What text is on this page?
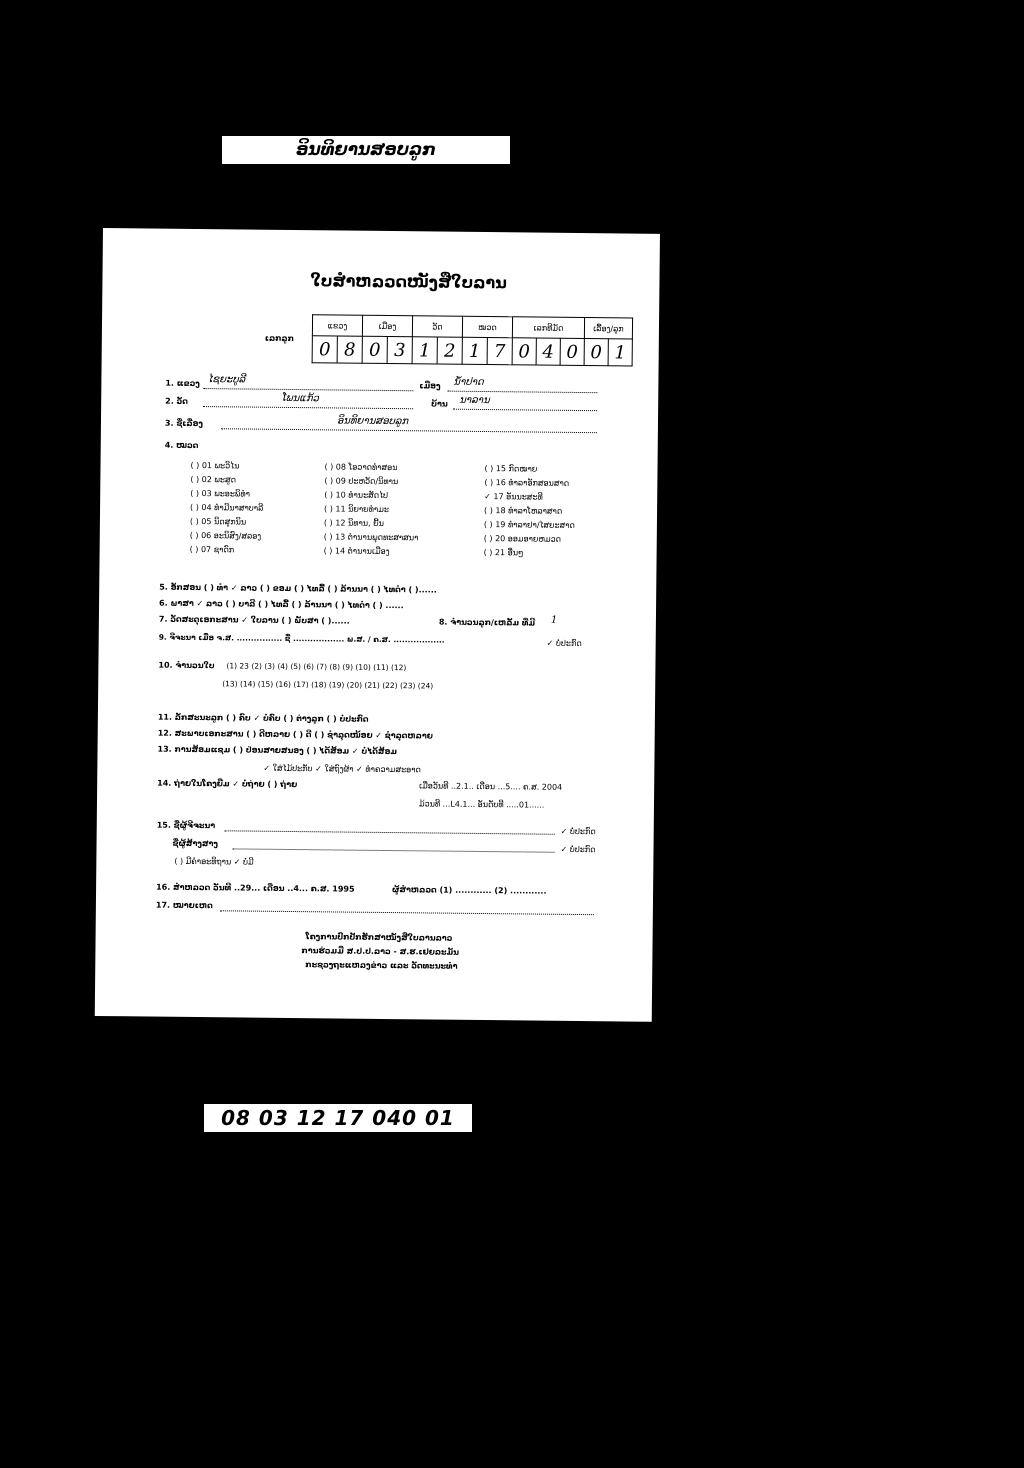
ອິນທິຍານສອບລູກ
ໃບສຳຫລວດໜັງສືໃບລານ
ເລກລູກ
ແຂວງ		ເມືອງ		ວັດ		ໝວດ		ເລກທີມັດ			ເລື້ອງ/ລູກ	
0	8	0	3	1	2	1	7	0	4	0	0	1
1. ແຂວງ ໄຊຍະບູລີ
ເມືອງ ນ້ຳປາດ
2. ວັດ	ໂພນແກ້ວ	ບ້ານ ນາລານ
3. ຊື່ເລື່ອງ	ອິນທິຍານສອບລູກ
4. ໝວດ
( ) 01 ພະວິໄນ
( ) 02 ພະສູດ
( ) 03 ພະອະພິທຳ
( ) 04 ທຳມີນາສາບາລີ
( ) 05 ນິດສູກນິນ
( ) 06 ອະນິສົງ/ສລອງ
( ) 07 ຊາດົກ
( ) 08 ໂອວາດທຳສອນ
( ) 09 ປະຫວັດ/ນິທານ
( ) 10 ທຳນະສັດໄປ
( ) 11 ນິຍາຍທຳມະ
( ) 12 ນິທານ, ຍີ້ນ
( ) 13 ຕຳນານພຸດທະສາສນາ
( ) 14 ຕຳນານເມືອງ
( ) 15 ກົດໝາຍ
( ) 16 ທຳລາອັກສອນສາດ
✓ 17 ອັນນະສະທີ
( ) 18 ທຳລາໂຫລາສາດ
( ) 19 ທຳລາຢາ/ໄສຍະສາດ
( ) 20 ອອມອາຍຫມວດ
( ) 21 ອື່ນໆ
5. ອັກສອນ ( ) ທຳ ✓ ລາວ ( ) ຂອມ ( ) ໄທລື້ ( ) ລ້ານນາ ( ) ໄທດຳ ( )......
6. ພາສາ ✓ ລາວ ( ) ບາລີ ( ) ໄທລື້ ( ) ລ້ານນາ ( ) ໄທດຳ ( ) ......
7. ວັດສະດຸເອກະສານ ✓ ໃບລານ ( ) ພັບສາ ( )......	8. ຈຳນວນລູກ/ເຫລັ້ມ ທີ່ມີ 1
9. ຈີຈະນາ ເມື່ອ ຈ.ສ. ................ ຊື່ .................. ພ.ສ. / ຄ.ສ. ..................	✓ ບໍ່ປະກົດ
10. ຈຳນວນໃບ (1) 23 (2) (3) (4) (5) (6) (7) (8) (9) (10) (11) (12)
(13) (14) (15) (16) (17) (18) (19) (20) (21) (22) (23) (24)
11. ລັກສະນະລູກ ( ) ຄົບ ✓ ບໍ່ຄົບ ( ) ຕ່າງລູກ ( ) ບໍ່ປະກົດ
12. ສະພາບເອກະສານ ( ) ດີຫລາຍ ( ) ດີ ( ) ຊຳລຸດໜ້ອຍ ✓ ຊຳລຸດຫລາຍ
13. ການສ້ອມແຊມ ( ) ປ່ອນສາຍສນອງ ( ) ໄດ້ສ້ອມ ✓ ບໍ່ໄດ້ສ້ອມ
✓ ໃສ່ໄມ້ປະກັບ ✓ ໃສ່ຖົງຜ້າ ✓ ທຳຄວາມສະອາດ
14. ຖ່າຍໃນໂຄງຍືມ ✓ ບໍ່ຖ່າຍ ( ) ຖ່າຍ	ເມື່ອວັນທີ ..2.1.. ເດືອນ ...5.... ຄ.ສ. 2004
ມ້ວນທີ ...L4.1... ອັນດັບທີ .....01......
15. ຊື່ຜູ້ຈີຈະນາ
✓ ບໍ່ປະກົດ
ຊື່ຜູ້ສ້າງສາງ
✓ ບໍ່ປະກົດ
( ) ມີຄຳອະທິຖານ ✓ ບໍ່ມີ
16. ສຳຫລວດ ວັນທີ ..29... ເດືອນ ..4... ຄ.ສ. 1995	ຜູ້ສຳຫລວດ (1) ............ (2) ............
17. ໝາຍເຫດ
ໂຄງການປົກປັກຮັກສາໜັງສືໃບລານລາວ
ການຮ່ວມມື ສ.ປ.ປ.ລາວ - ສ.ຮ.ເຢຍລະມັນ
ກະຊວງຖະແຫລງຂ່າວ ແລະ ວັດທະນະທຳ
08 03 12 17 040 01
